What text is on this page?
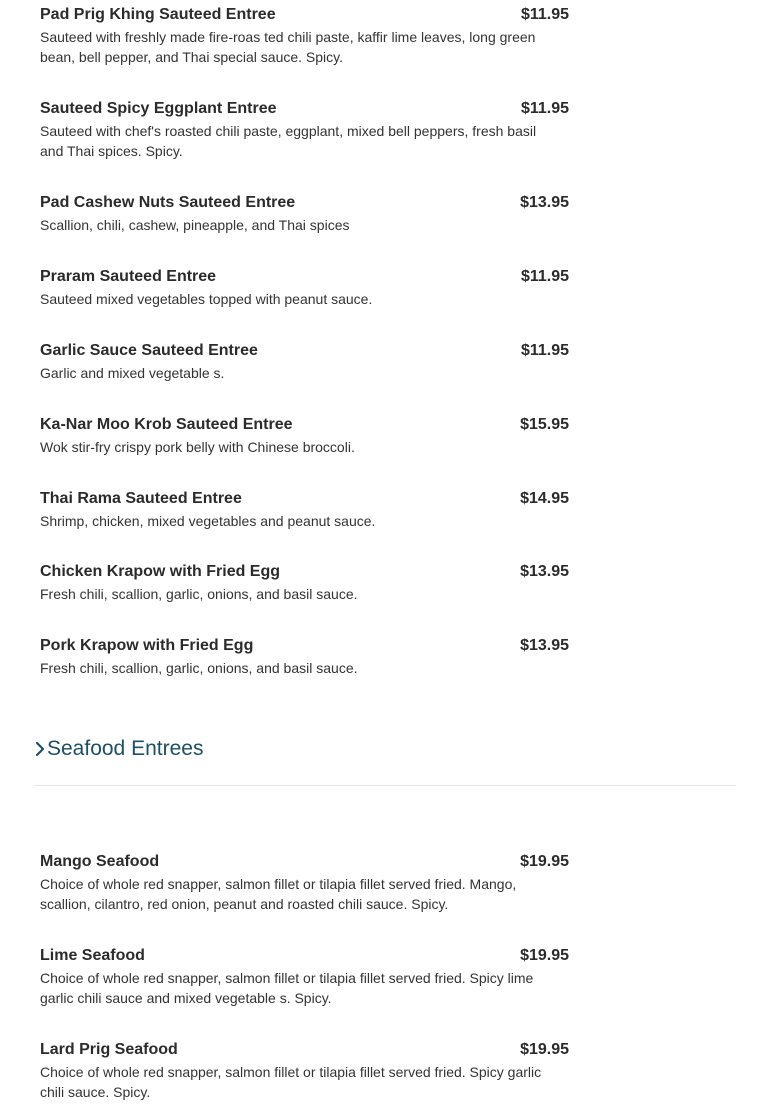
Pad Prig Khing Sauteed Entree	$11.95
Sauteed with freshly made fire-roas ted chili paste, kaffir lime leaves, long green bean, bell pepper, and Thai special sauce. Spicy.
Sauteed Spicy Eggplant Entree	$11.95
Sauteed with chef's roasted chili paste, eggplant, mixed bell peppers, fresh basil and Thai spices. Spicy.
Pad Cashew Nuts Sauteed Entree	$13.95
Scallion, chili, cashew, pineapple, and Thai spices
Praram Sauteed Entree	$11.95
Sauteed mixed vegetables topped with peanut sauce.
Garlic Sauce Sauteed Entree	$11.95
Garlic and mixed vegetable s.
Ka-Nar Moo Krob Sauteed Entree	$15.95
Wok stir-fry crispy pork belly with Chinese broccoli.
Thai Rama Sauteed Entree	$14.95
Shrimp, chicken, mixed vegetables and peanut sauce.
Chicken Krapow with Fried Egg	$13.95
Fresh chili, scallion, garlic, onions, and basil sauce.
Pork Krapow with Fried Egg	$13.95
Fresh chili, scallion, garlic, onions, and basil sauce.
Seafood Entrees
Mango Seafood	$19.95
Choice of whole red snapper, salmon fillet or tilapia fillet served fried. Mango, scallion, cilantro, red onion, peanut and roasted chili sauce. Spicy.
Lime Seafood	$19.95
Choice of whole red snapper, salmon fillet or tilapia fillet served fried. Spicy lime garlic chili sauce and mixed vegetable s. Spicy.
Lard Prig Seafood	$19.95
Choice of whole red snapper, salmon fillet or tilapia fillet served fried. Spicy garlic chili sauce. Spicy.
